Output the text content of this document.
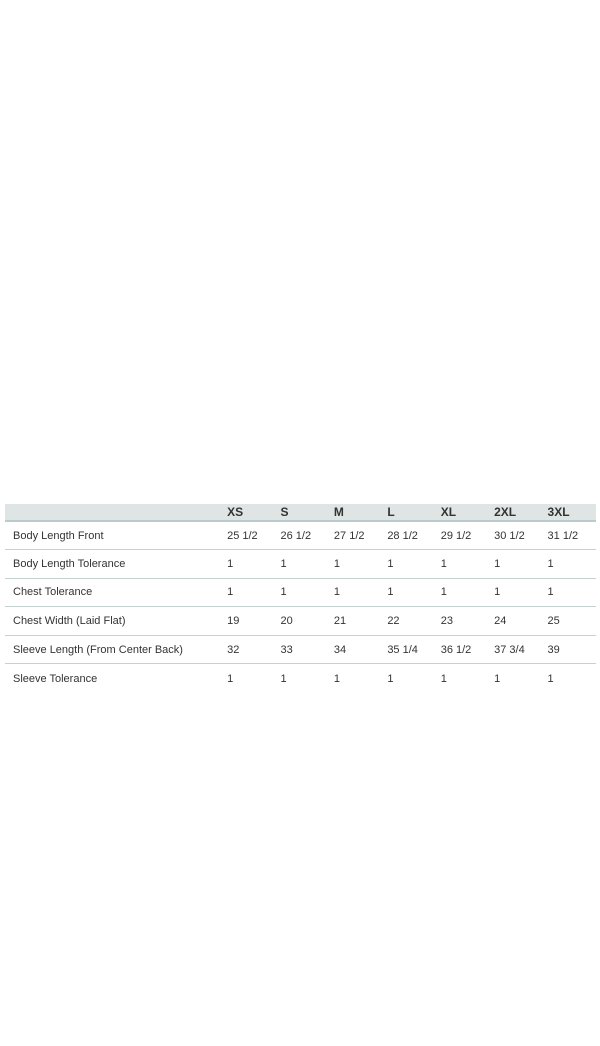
	XS	S	M	L	XL	2XL	3XL
Body Length Front	25 1/2	26 1/2	27 1/2	28 1/2	29 1/2	30 1/2	31 1/2
Body Length Tolerance	1	1	1	1	1	1	1
Chest Tolerance	1	1	1	1	1	1	1
Chest Width (Laid Flat)	19	20	21	22	23	24	25
Sleeve Length (From Center Back)	32	33	34	35 1/4	36 1/2	37 3/4	39
Sleeve Tolerance	1	1	1	1	1	1	1
